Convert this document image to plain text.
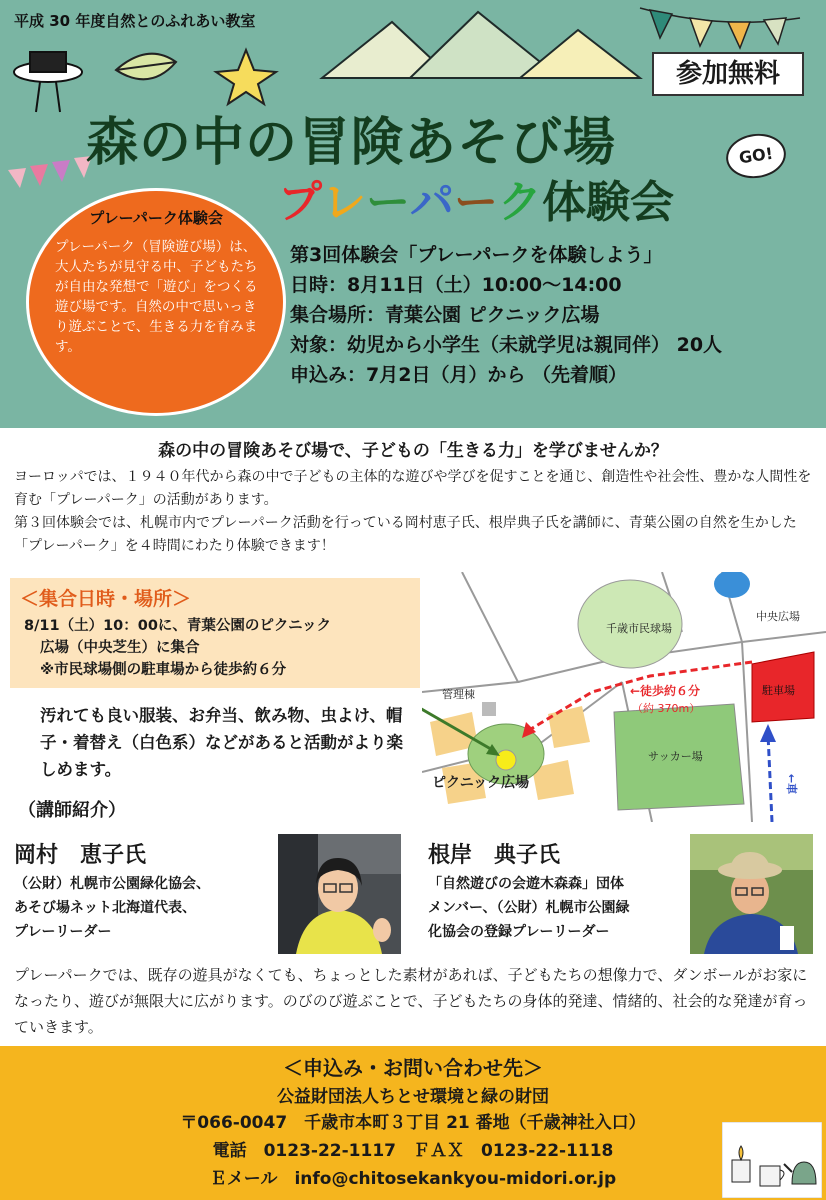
平成 30 年度自然とのふれあい教室
参加無料
森の中の冒険あそび場
プレーパーク体験会
GO!
プレーパーク体験会
プレーパーク（冒険遊び場）は、大人たちが見守る中、子どもたちが自由な発想で「遊び」をつくる遊び場です。自然の中で思いっきり遊ぶことで、生きる力を育みます。
第3回体験会「プレーパークを体験しよう」
日時：8月11日（土）10:00～14:00
集合場所：青葉公園 ピクニック広場
対象：幼児から小学生（未就学児は親同伴） 20人
申込み：7月2日（月）から （先着順）
森の中の冒険あそび場で、子どもの「生きる力」を学びませんか？

ヨーロッパでは、１９４０年代から森の中で子どもの主体的な遊びや学びを促すことを通じ、創造性や社会性、豊かな人間性を育む「プレーパーク」の活動があります。

第３回体験会では、札幌市内でプレーパーク活動を行っている岡村恵子氏、根岸典子氏を講師に、青葉公園の自然を生かした「プレーパーク」を４時間にわたり体験できます！

＜集合日時・場所＞
8/11（土）10：00に、青葉公園のピクニック
広場（中央芝生）に集合
※市民球場側の駐車場から徒歩約６分
汚れても良い服装、お弁当、飲み物、虫よけ、帽子・着替え（白色系）などがあると活動がより楽しめます。
千歳市民球場
中央広場
管理棟	駐車場
←徒歩約６分
（約 370m）
サッカー場
ピクニック広場	←車
（講師紹介）
岡村　恵子氏
（公財）札幌市公園緑化協会、
あそび場ネット北海道代表、
プレーリーダー
根岸　典子氏
「自然遊びの会遊木森森」団体
メンバー、（公財）札幌市公園緑
化協会の登録プレーリーダー
プレーパークでは、既存の遊具がなくても、ちょっとした素材があれば、子どもたちの想像力で、ダンボールがお家になったり、遊びが無限大に広がります。のびのび遊ぶことで、子どもたちの身体的発達、情緒的、社会的な発達が育っていきます。
＜申込み・お問い合わせ先＞
公益財団法人ちとせ環境と緑の財団
〒066-0047　千歳市本町３丁目 21 番地（千歳神社入口）
電話　0123-22-1117　ＦＡＸ　0123-22-1118
Ｅメール　info@chitosekankyou-midori.or.jp
